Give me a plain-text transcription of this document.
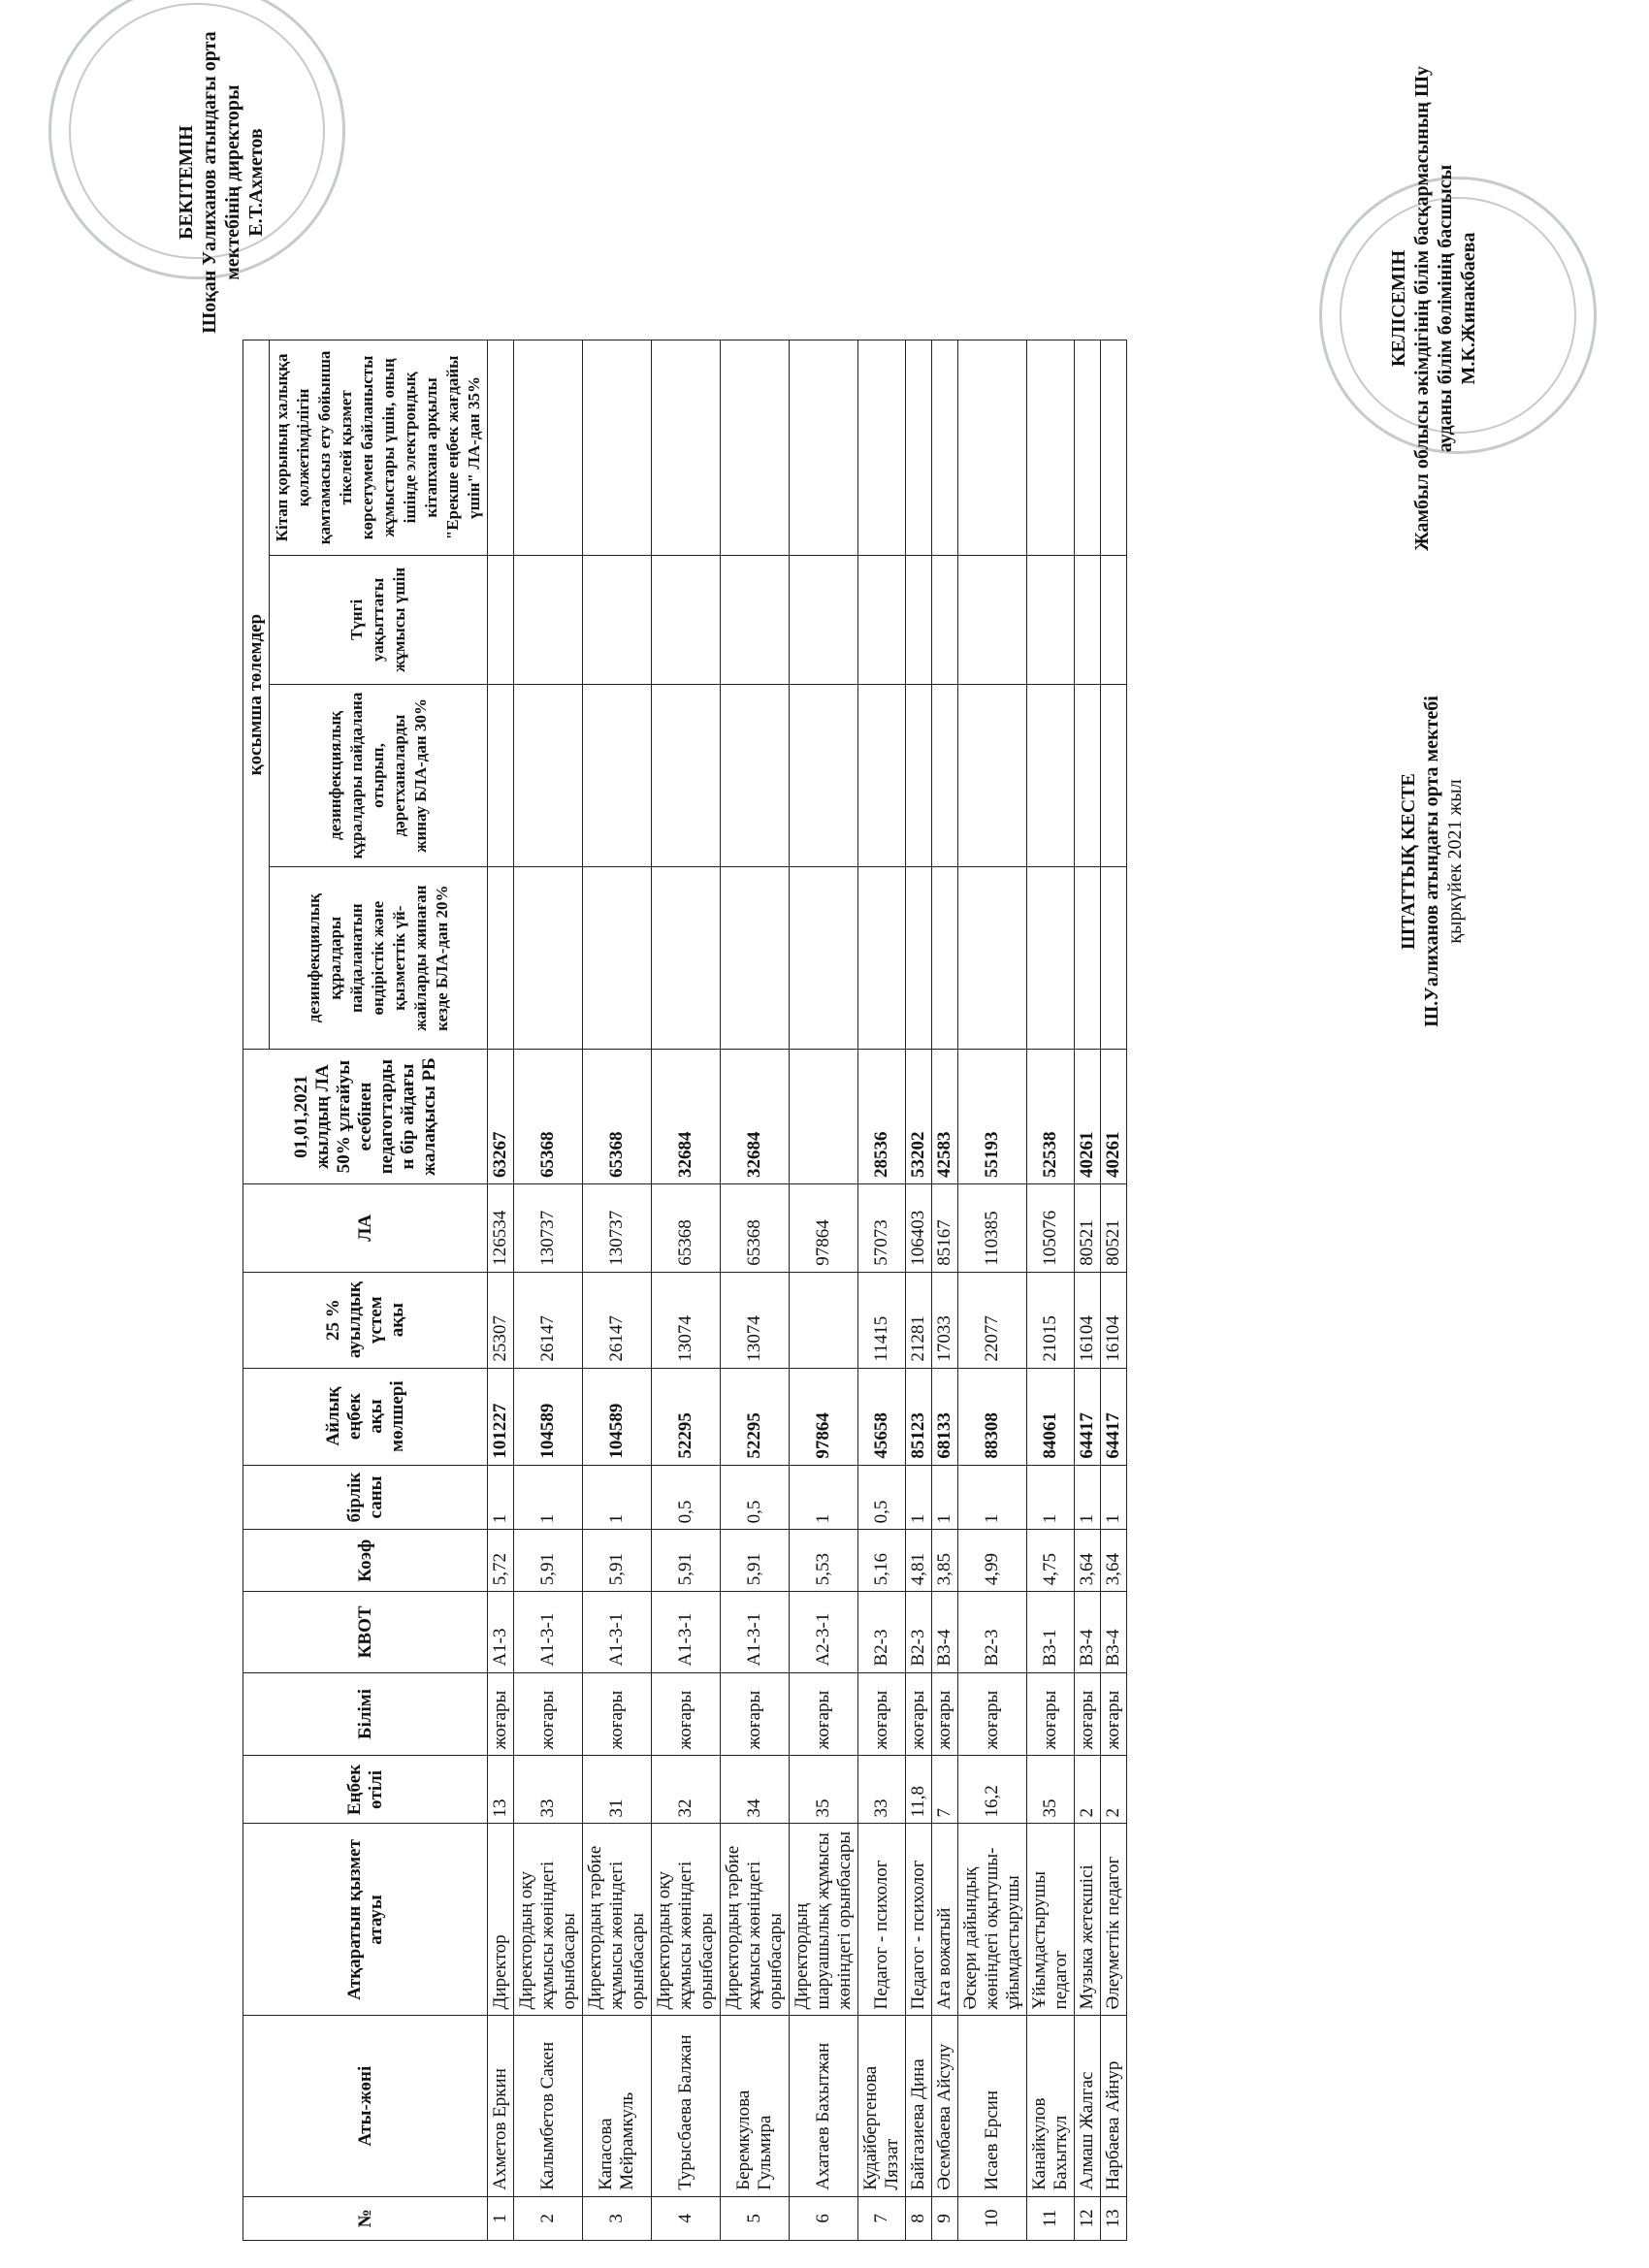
КЕЛІСЕМІН Жамбыл облысы әкімдігінің білім басқармасының Шу ауданы білім бөлімінің басшысы М.К.Жинакбаева
ШТАТТЫҚ КЕСТЕ Ш.Уалиханов атындағы орта мектебі қыркүйек 2021 жыл
БЕКІТЕМІН Шоқан Уалиханов атындағы орта мектебінің директоры Е.Т.Ахметов
№	Аты-жөні	Атқаратын қызмет атауы	Еңбек өтілі	Білімі	КВОТ	Коэф	бірлік саны	Айлық еңбек ақы мөлшері	25 % ауылдық үстем ақы	ЛА	01,01,2021 жылдың ЛА 50% ұлғайуы есебінен педагогтарды н бір айдағы жалақысы РБ	қосымша төлемдер			
												дезинфекциялық құралдары пайдаланатын өндірістік және қызметтік үй-жайларды жинаған кезде БЛА-дан 20%	дезинфекциялық құралдары пайдалана отырып, дәретханаларды жинау БЛА-дан 30%	Түнгі уақыттағы жұмысы үшін	Кітап қорының халыққа қолжетімділігін қамтамасыз ету бойынша тікелей қызмет көрсетумен байланысты жұмыстары үшін, оның ішінде электрондық кітапхана арқылы "Ерекше еңбек жағдайы үшін" ЛА-дан 35%
1	Ахметов Еркин	Директор	13	жоғары	А1-3	5,72	1	101227	25307	126534	63267				
2	Калымбетов Сакен	Директордың оқу жұмысы жөніндегі орынбасары	33	жоғары	А1-3-1	5,91	1	104589	26147	130737	65368				
3	Капасова Мейрамкуль	Директордың тәрбие жұмысы жөніндегі орынбасары	31	жоғары	А1-3-1	5,91	1	104589	26147	130737	65368				
4	Турысбаева Балжан	Директордың оқу жұмысы жөніндегі орынбасары	32	жоғары	А1-3-1	5,91	0,5	52295	13074	65368	32684				
5	Беремкулова Гульмира	Директордың тәрбие жұмысы жөніндегі орынбасары	34	жоғары	А1-3-1	5,91	0,5	52295	13074	65368	32684				
6	Ахатаев Бахытжан	Директордың шаруашылық жұмысы жөніндегі орынбасары	35	жоғары	А2-3-1	5,53	1	97864		97864					
7	Кудайбергенова Ляззат	Педагог - психолог	33	жоғары	В2-3	5,16	0,5	45658	11415	57073	28536				
8	Байгазиева Дина	Педагог - психолог	11,8	жоғары	В2-3	4,81	1	85123	21281	106403	53202				
9	Әсембаева Айсулу	Аға вожатый	7	жоғары	В3-4	3,85	1	68133	17033	85167	42583				
10	Исаев Ерсин	Әскери дайындық жөніндегі оқытушы-ұйымдастырушы	16,2	жоғары	В2-3	4,99	1	88308	22077	110385	55193				
11	Канайкулов Бахыткул	Ұйымдастырушы педагог	35	жоғары	В3-1	4,75	1	84061	21015	105076	52538				
12	Алмаш Жалгас	Музыка жетекшісі	2	жоғары	В3-4	3,64	1	64417	16104	80521	40261				
13	Нарбаева Айнур	Әлеуметтік педагог	2	жоғары	В3-4	3,64	1	64417	16104	80521	40261				
